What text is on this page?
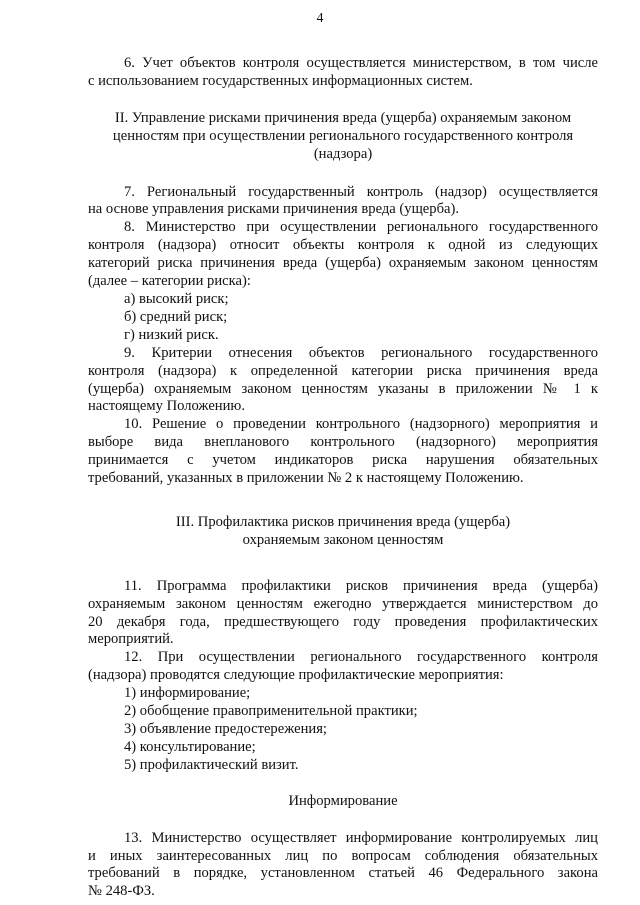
4
6. Учет объектов контроля осуществляется министерством, в том числе
с использованием государственных информационных систем.
II. Управление рисками причинения вреда (ущерба) охраняемым законом
ценностям при осуществлении регионального государственного контроля
(надзора)
7. Региональный государственный контроль (надзор) осуществляется
на основе управления рисками причинения вреда (ущерба).
8. Министерство при осуществлении регионального государственного
контроля (надзора) относит объекты контроля к одной из следующих
категорий риска причинения вреда (ущерба) охраняемым законом ценностям
(далее – категории риска):
а) высокий риск;
б) средний риск;
г) низкий риск.
9. Критерии отнесения объектов регионального государственного
контроля (надзора) к определенной категории риска причинения вреда
(ущерба) охраняемым законом ценностям указаны в приложении № 1 к
настоящему Положению.
10. Решение о проведении контрольного (надзорного) мероприятия и
выборе вида внепланового контрольного (надзорного) мероприятия
принимается с учетом индикаторов риска нарушения обязательных
требований, указанных в приложении № 2 к настоящему Положению.
III. Профилактика рисков причинения вреда (ущерба)
охраняемым законом ценностям
11. Программа профилактики рисков причинения вреда (ущерба)
охраняемым законом ценностям ежегодно утверждается министерством до
20 декабря года, предшествующего году проведения профилактических
мероприятий.
12. При осуществлении регионального государственного контроля
(надзора) проводятся следующие профилактические мероприятия:
1) информирование;
2) обобщение правоприменительной практики;
3) объявление предостережения;
4) консультирование;
5) профилактический визит.
Информирование
13. Министерство осуществляет информирование контролируемых лиц
и иных заинтересованных лиц по вопросам соблюдения обязательных
требований в порядке, установленном статьей 46 Федерального закона
№ 248-ФЗ.
